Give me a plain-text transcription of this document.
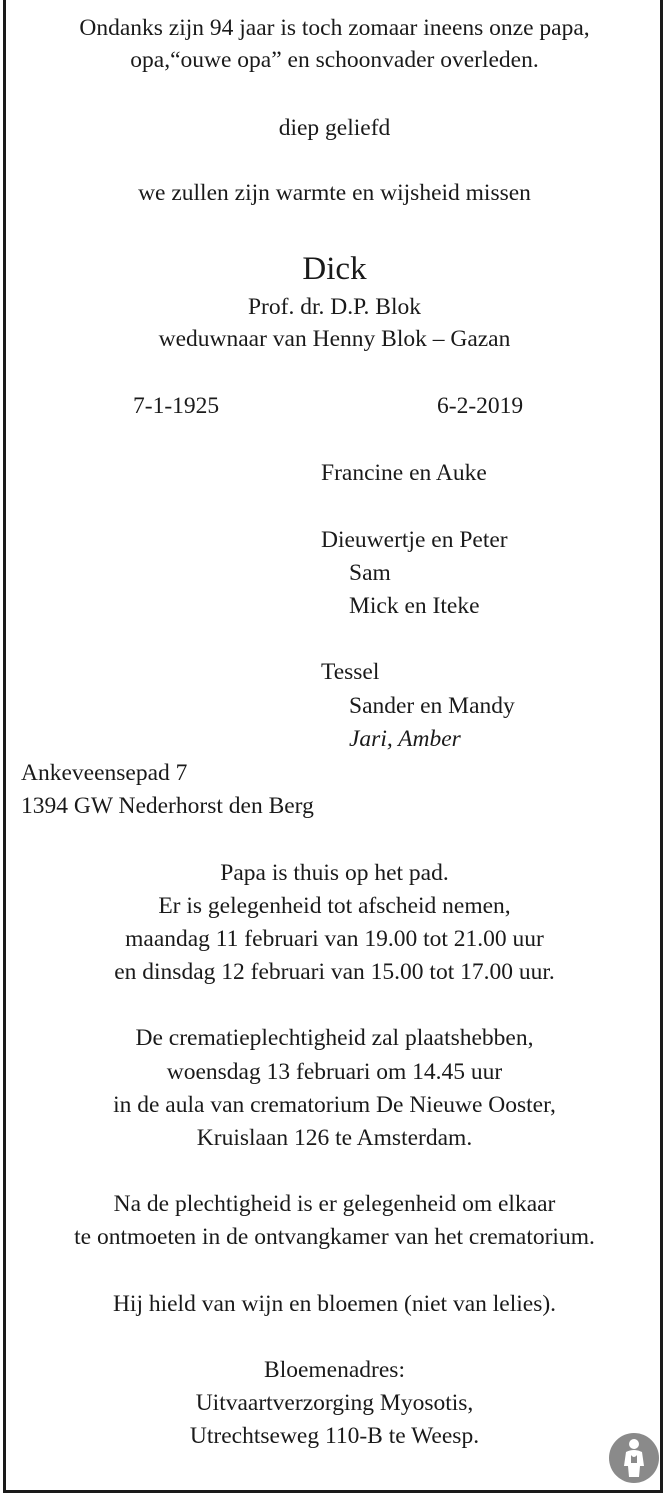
Ondanks zijn 94 jaar is toch zomaar ineens onze papa,
opa,“ouwe opa” en schoonvader overleden.
diep geliefd
we zullen zijn warmte en wijsheid missen
Dick
Prof. dr. D.P. Blok
weduwnaar van Henny Blok – Gazan
7-1-1925	6-2-2019
Francine en Auke
Dieuwertje en Peter
Sam
Mick en Iteke
Tessel
Sander en Mandy
Jari, Amber
Ankeveensepad 7
1394 GW Nederhorst den Berg
Papa is thuis op het pad.
Er is gelegenheid tot afscheid nemen,
maandag 11 februari van 19.00 tot 21.00 uur
en dinsdag 12 februari van 15.00 tot 17.00 uur.
De crematieplechtigheid zal plaatshebben,
woensdag 13 februari om 14.45 uur
in de aula van crematorium De Nieuwe Ooster,
Kruislaan 126 te Amsterdam.
Na de plechtigheid is er gelegenheid om elkaar
te ontmoeten in de ontvangkamer van het crematorium.
Hij hield van wijn en bloemen (niet van lelies).
Bloemenadres:
Uitvaartverzorging Myosotis,
Utrechtseweg 110-B te Weesp.
